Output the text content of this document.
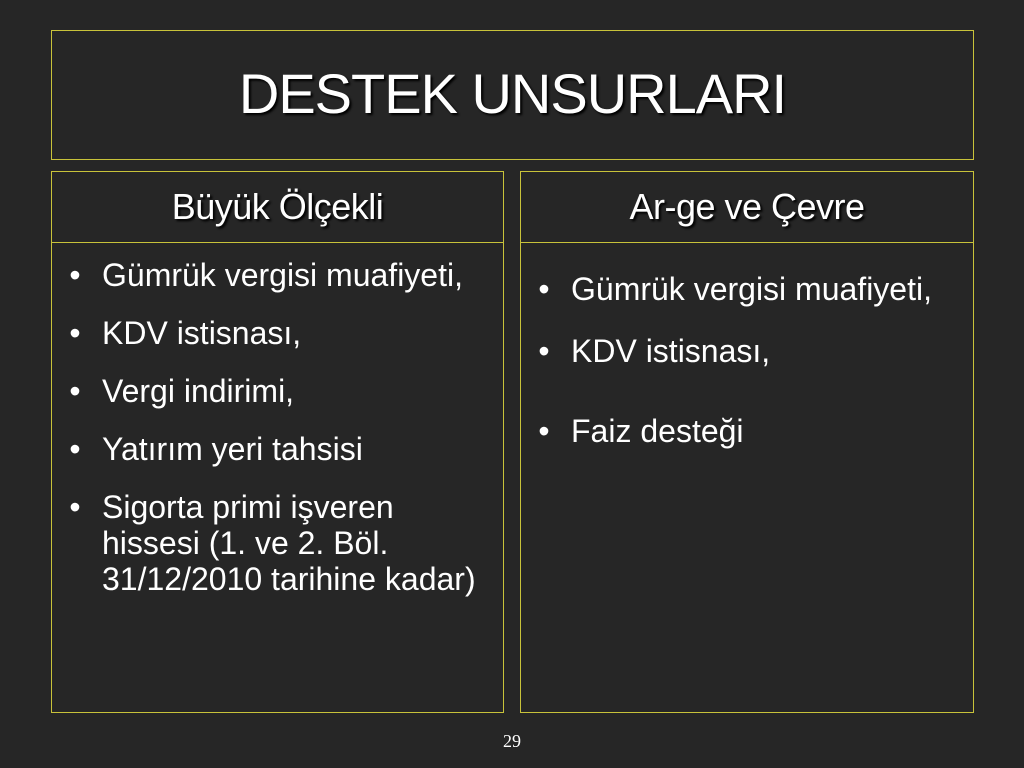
DESTEK UNSURLARI
Büyük Ölçekli	Ar-ge ve Çevre
• Gümrük vergisi muafiyeti,
• KDV istisnası,
• Vergi indirimi,
• Yatırım yeri tahsisi
• Sigorta primi işveren hissesi (1. ve 2. Böl. 31/12/2010 tarihine kadar)
• Gümrük vergisi muafiyeti,
• KDV istisnası,
• Faiz desteği
29
